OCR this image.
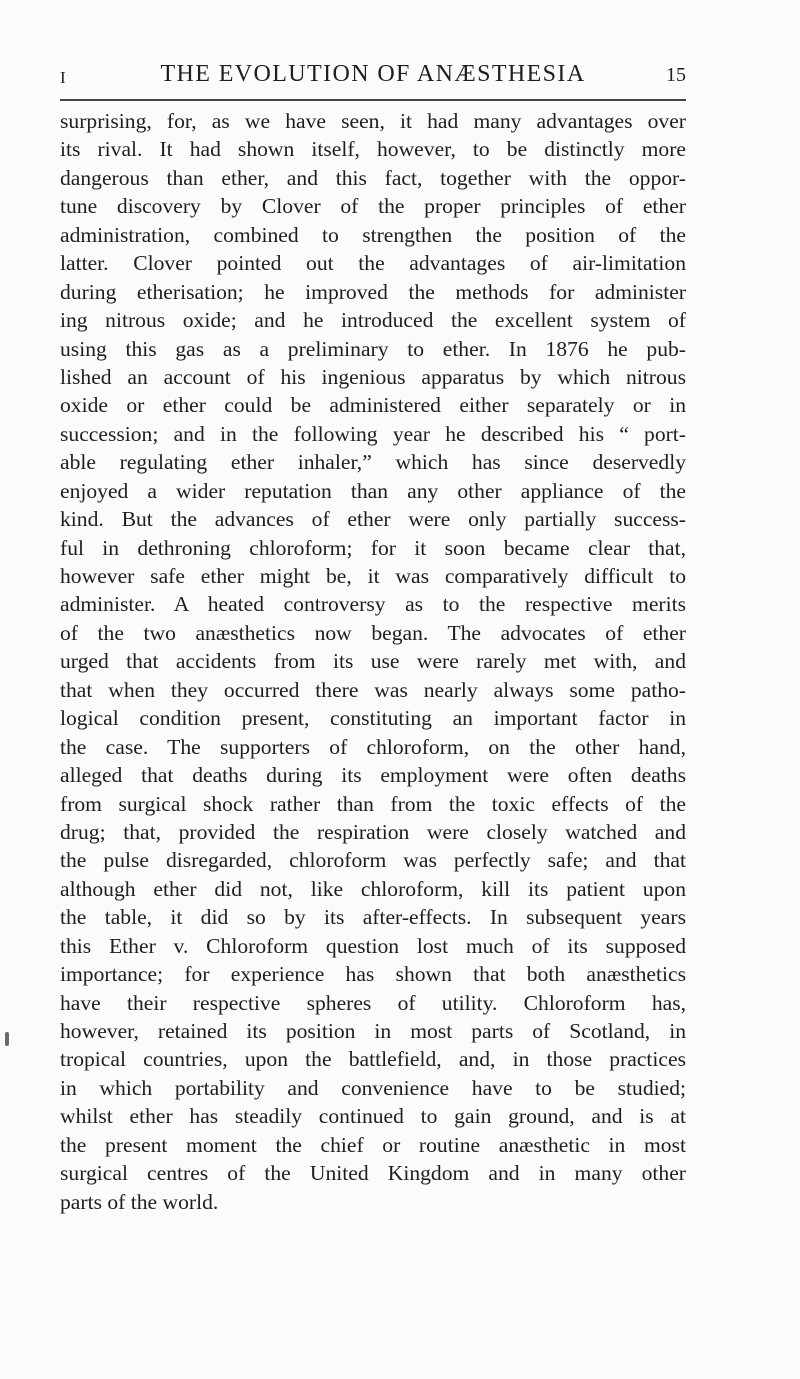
I	THE EVOLUTION OF ANÆSTHESIA	15
surprising, for, as we have seen, it had many advantages over
its rival. It had shown itself, however, to be distinctly more
dangerous than ether, and this fact, together with the oppor-
tune discovery by Clover of the proper principles of ether
administration, combined to strengthen the position of the
latter. Clover pointed out the advantages of air-limitation
during etherisation; he improved the methods for administer
ing nitrous oxide; and he introduced the excellent system of
using this gas as a preliminary to ether. In 1876 he pub-
lished an account of his ingenious apparatus by which nitrous
oxide or ether could be administered either separately or in
succession; and in the following year he described his “ port-
able regulating ether inhaler,” which has since deservedly
enjoyed a wider reputation than any other appliance of the
kind. But the advances of ether were only partially success-
ful in dethroning chloroform; for it soon became clear that,
however safe ether might be, it was comparatively difficult to
administer. A heated controversy as to the respective merits
of the two anæsthetics now began. The advocates of ether
urged that accidents from its use were rarely met with, and
that when they occurred there was nearly always some patho-
logical condition present, constituting an important factor in
the case. The supporters of chloroform, on the other hand,
alleged that deaths during its employment were often deaths
from surgical shock rather than from the toxic effects of the
drug; that, provided the respiration were closely watched and
the pulse disregarded, chloroform was perfectly safe; and that
although ether did not, like chloroform, kill its patient upon
the table, it did so by its after-effects. In subsequent years
this Ether v. Chloroform question lost much of its supposed
importance; for experience has shown that both anæsthetics
have their respective spheres of utility. Chloroform has,
however, retained its position in most parts of Scotland, in
tropical countries, upon the battlefield, and, in those practices
in which portability and convenience have to be studied;
whilst ether has steadily continued to gain ground, and is at
the present moment the chief or routine anæsthetic in most
surgical centres of the United Kingdom and in many other
parts of the world.
